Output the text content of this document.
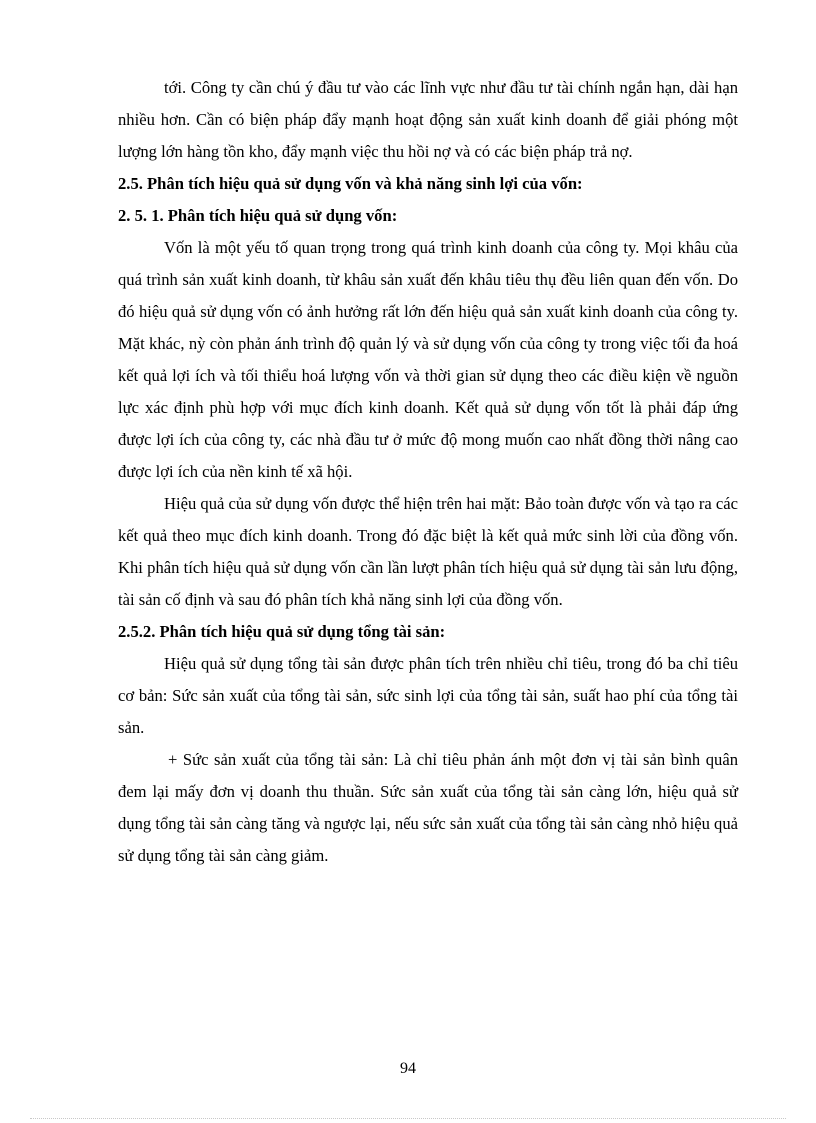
tới. Công ty cần chú ý đầu tư vào các lĩnh vực như đầu tư tài chính ngắn hạn, dài hạn nhiều hơn. Cần có biện pháp đẩy mạnh hoạt động sản xuất kinh doanh để giải phóng một lượng lớn hàng tồn kho, đẩy mạnh việc thu hồi nợ và có các biện pháp trả nợ.

2.5. Phân tích hiệu quả sử dụng vốn và khả năng sinh lợi của vốn:

2. 5. 1. Phân tích hiệu quả sử dụng vốn:

Vốn là một yếu tố quan trọng trong quá trình kinh doanh của công ty. Mọi khâu của quá trình sản xuất kinh doanh, từ khâu sản xuất đến khâu tiêu thụ đều liên quan đến vốn. Do đó hiệu quả sử dụng vốn có ảnh hưởng rất lớn đến hiệu quả sản xuất kinh doanh của công ty. Mặt khác, nỳ còn phản ánh trình độ quản lý và sử dụng vốn của công ty trong việc tối đa hoá kết quả lợi ích và tối thiểu hoá lượng vốn và thời gian sử dụng theo các điều kiện về nguồn lực xác định phù hợp với mục đích kinh doanh. Kết quả sử dụng vốn tốt là phải đáp ứng được lợi ích của công ty, các nhà đầu tư ở mức độ mong muốn cao nhất đồng thời nâng cao được lợi ích của nền kinh tế xã hội.

Hiệu quả của sử dụng vốn được thể hiện trên hai mặt: Bảo toàn được vốn và tạo ra các kết quả theo mục đích kinh doanh. Trong đó đặc biệt là kết quả mức sinh lời của đồng vốn. Khi phân tích hiệu quả sử dụng vốn cần lần lượt phân tích hiệu quả sử dụng tài sản lưu động, tài sản cố định và sau đó phân tích khả năng sinh lợi của đồng vốn.

2.5.2. Phân tích hiệu quả sử dụng tổng tài sản:

Hiệu quả sử dụng tổng tài sản được phân tích trên nhiều chỉ tiêu, trong đó ba chỉ tiêu cơ bản: Sức sản xuất của tổng tài sản, sức sinh lợi của tổng tài sản, suất hao phí của tổng tài sản.

+ Sức sản xuất của tổng tài sản: Là chỉ tiêu phản ánh một đơn vị tài sản bình quân đem lại mấy đơn vị doanh thu thuần. Sức sản xuất của tổng tài sản càng lớn, hiệu quả sử dụng tổng tài sản càng tăng và ngược lại, nếu sức sản xuất của tổng tài sản càng nhỏ hiệu quả sử dụng tổng tài sản càng giảm.

94
